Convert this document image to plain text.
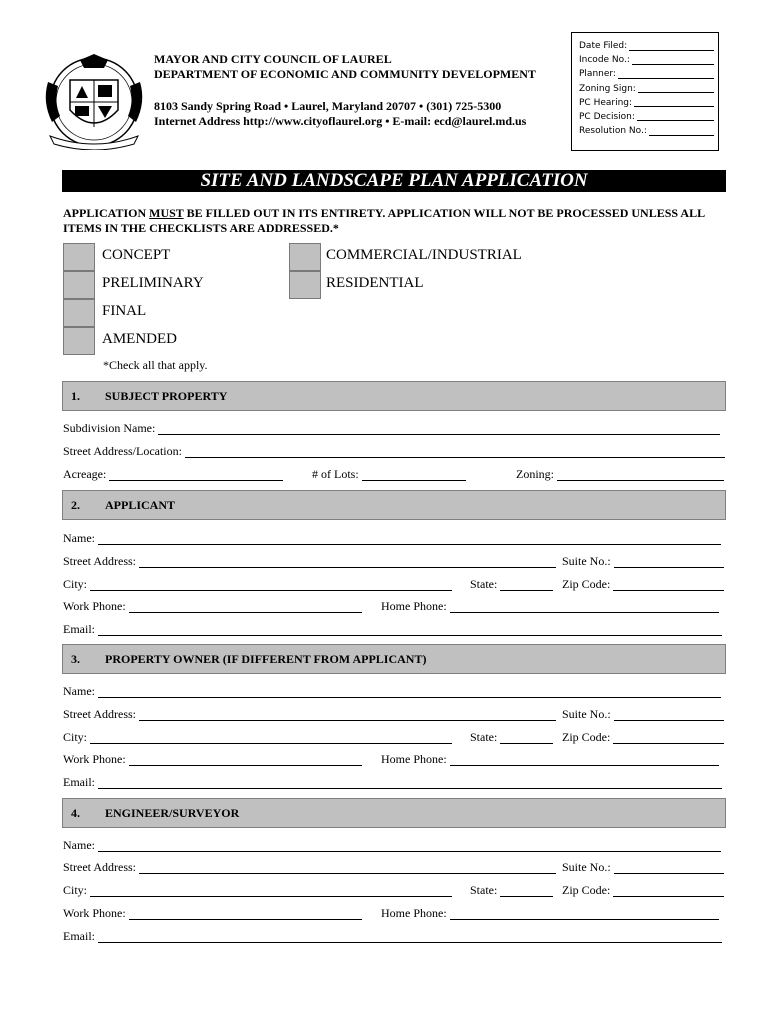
MAYOR AND CITY COUNCIL OF LAUREL
DEPARTMENT OF ECONOMIC AND COMMUNITY DEVELOPMENT
8103 Sandy Spring Road • Laurel, Maryland 20707 • (301) 725-5300
Internet Address http://www.cityoflaurel.org • E-mail: ecd@laurel.md.us
Date Filed:
Incode No.:
Planner:
Zoning Sign:
PC Hearing:
PC Decision:
Resolution No.:
SITE AND LANDSCAPE PLAN APPLICATION
APPLICATION MUST BE FILLED OUT IN ITS ENTIRETY. APPLICATION WILL NOT BE PROCESSED UNLESS ALL ITEMS IN THE CHECKLISTS ARE ADDRESSED.*
CONCEPT
PRELIMINARY
FINAL
AMENDED
COMMERCIAL/INDUSTRIAL
RESIDENTIAL
*Check all that apply.
1. SUBJECT PROPERTY
Subdivision Name:
Street Address/Location:
Acreage:	# of Lots:	Zoning:
2. APPLICANT
Name:
Street Address:	Suite No.:
City:	State:	Zip Code:
Work Phone:	Home Phone:
Email:
3. PROPERTY OWNER (IF DIFFERENT FROM APPLICANT)
Name:
Street Address:	Suite No.:
City:	State:	Zip Code:
Work Phone:	Home Phone:
Email:
4. ENGINEER/SURVEYOR
Name:
Street Address:	Suite No.:
City:	State:	Zip Code:
Work Phone:	Home Phone:
Email:
